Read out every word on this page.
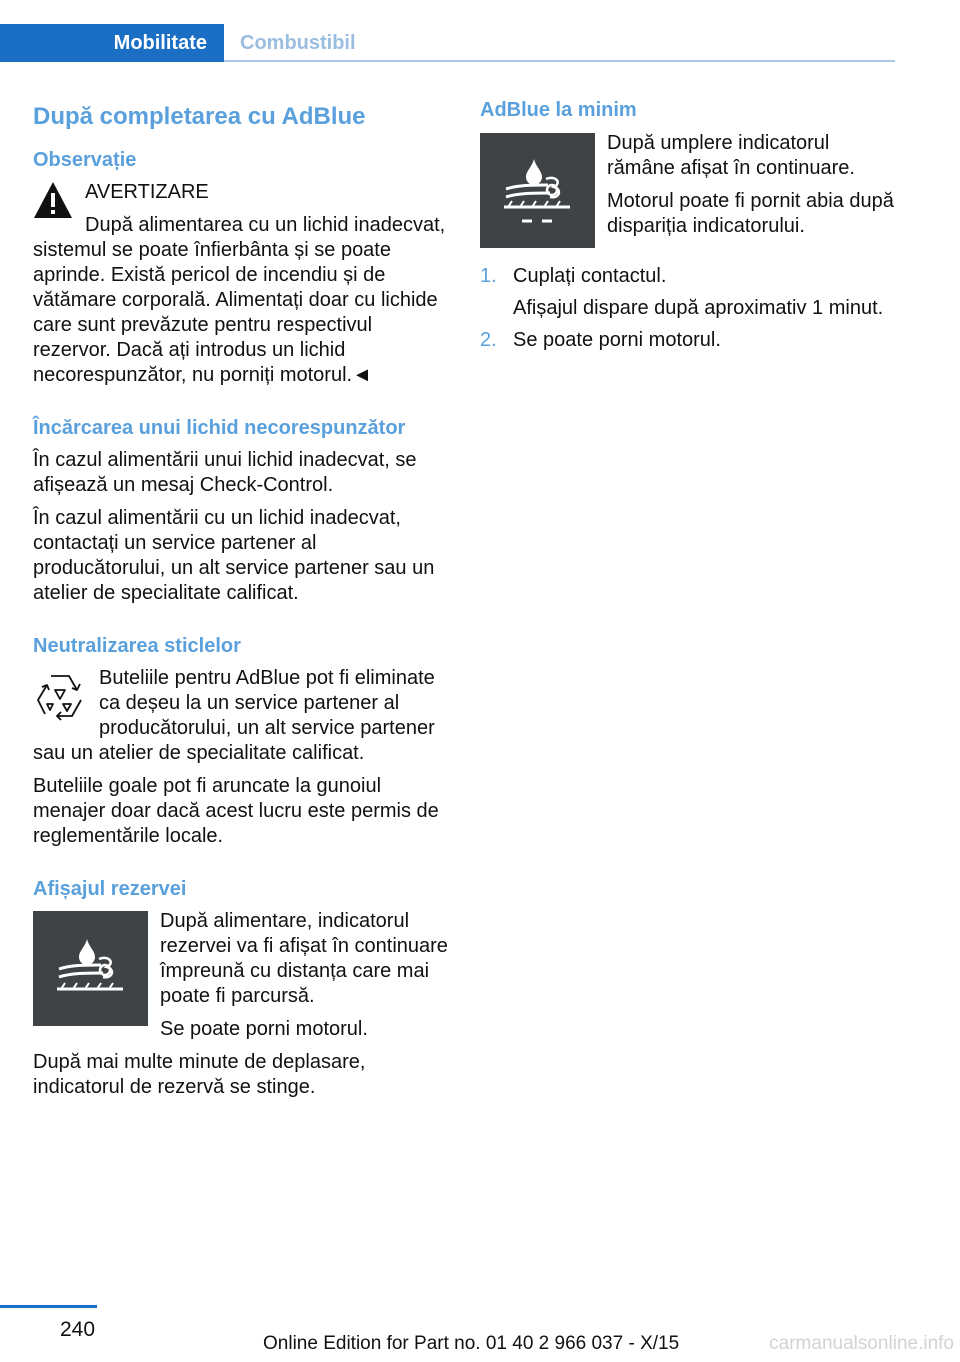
Mobilitate Combustibil
După completarea cu AdBlue
Observație

AVERTIZARE

După alimentarea cu un lichid inadecvat, sistemul se poate înfierbânta și se poate aprinde. Există pericol de incendiu și de vătămare corporală. Alimentați doar cu lichide care sunt prevăzute pentru respectivul rezervor. Dacă ați introdus un lichid necorespunzător, nu porniți motorul.◄

Încărcarea unui lichid necorespunzător

În cazul alimentării unui lichid inadecvat, se afișează un mesaj Check-Control.

În cazul alimentării cu un lichid inadecvat, contactați un service partener al producătorului, un alt service partener sau un atelier de specialitate calificat.

Neutralizarea sticlelor

Buteliile pentru AdBlue pot fi eliminate ca deșeu la un service partener al producătorului, un alt service partener sau un atelier de specialitate calificat.

Buteliile goale pot fi aruncate la gunoiul menajer doar dacă acest lucru este permis de reglementările locale.

Afișajul rezervei

După alimentare, indicatorul rezervei va fi afișat în continuare împreună cu distanța care mai poate fi parcursă.

Se poate porni motorul.

După mai multe minute de deplasare, indicatorul de rezervă se stinge.

AdBlue la minim

După umplere indicatorul rămâne afișat în continuare.

Motorul poate fi pornit abia după dispariția indicatorului.

1. Cuplați contactul.
Afișajul dispare după aproximativ 1 minut.
2. Se poate porni motorul.
240
Online Edition for Part no. 01 40 2 966 037 - X/15	carmanualsonline.info
